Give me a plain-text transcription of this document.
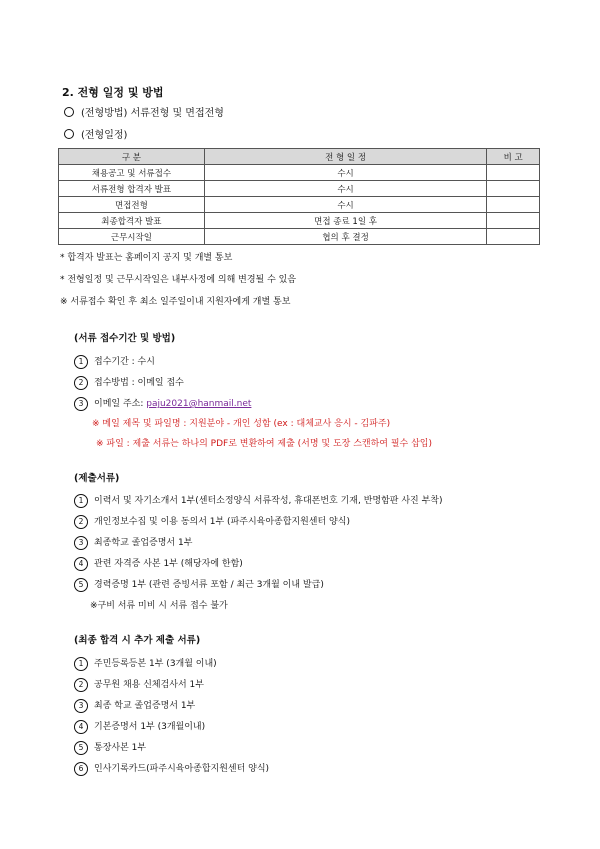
2. 전형 일정 및 방법
(전형방법) 서류전형 및 면접전형
(전형일정)
구 분	전 형 일 정	비 고
채용공고 및 서류접수	수시	
서류전형 합격자 발표	수시	
면접전형	수시	
최종합격자 발표	면접 종료 1일 후	
근무시작일	협의 후 결정	
* 합격자 발표는 홈페이지 공지 및 개별 통보
* 전형일정 및 근무시작일은 내부사정에 의해 변경될 수 있음
※ 서류접수 확인 후 최소 일주일이내 지원자에게 개별 통보
(서류 접수기간 및 방법)
1 접수기간 : 수시
2 접수방법 : 이메일 접수
3 이메일 주소: paju2021@hanmail.net
※ 메일 제목 및 파일명 : 지원분야 - 개인 성함 (ex : 대체교사 응시 - 김파주)
※ 파일 : 제출 서류는 하나의 PDF로 변환하여 제출 (서명 및 도장 스캔하여 필수 삽입)
(제출서류)
1 이력서 및 자기소개서 1부(센터소정양식 서류작성, 휴대폰번호 기재, 반명함판 사진 부착)
2 개인정보수집 및 이용 동의서 1부 (파주시육아종합지원센터 양식)
3 최종학교 졸업증명서 1부
4 관련 자격증 사본 1부 (해당자에 한함)
5 경력증명 1부 (관련 증빙서류 포함 / 최근 3개월 이내 발급)
※구비 서류 미비 시 서류 접수 불가
(최종 합격 시 추가 제출 서류)
1 주민등록등본 1부 (3개월 이내)
2 공무원 채용 신체검사서 1부
3 최종 학교 졸업증명서 1부
4 기본증명서 1부 (3개월이내)
5 통장사본 1부
6 인사기록카드(파주시육아종합지원센터 양식)
